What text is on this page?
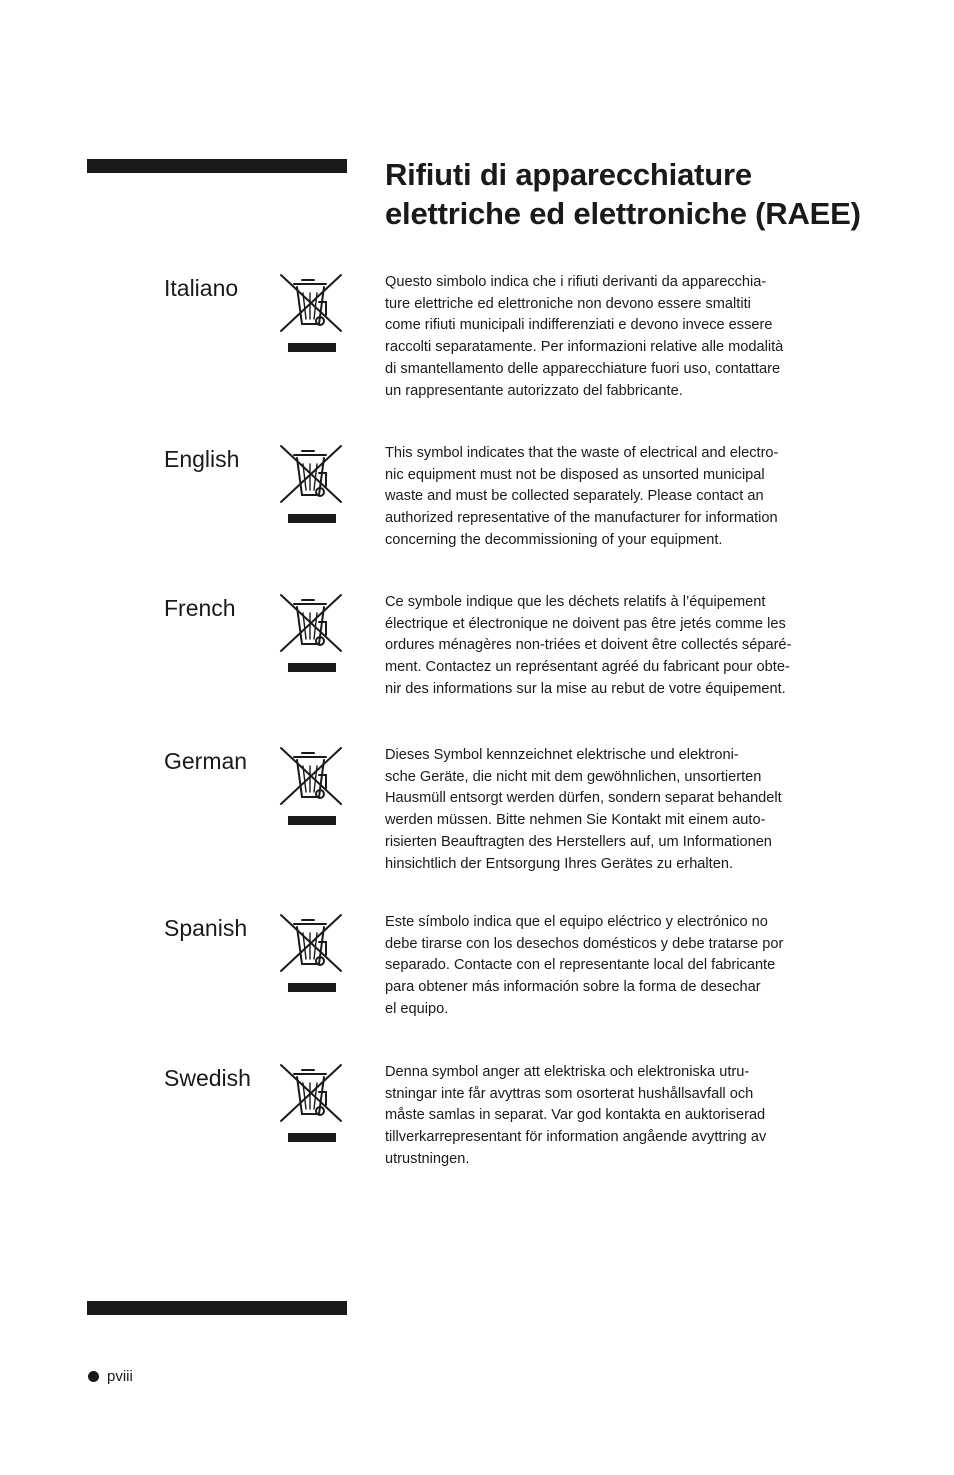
Rifiuti di apparecchiature
elettriche ed elettroniche (RAEE)
Italiano	Questo simbolo indica che i rifiuti derivanti da apparecchia-
ture elettriche ed elettroniche non devono essere smaltiti
come rifiuti municipali indifferenziati e devono invece essere
raccolti separatamente. Per informazioni relative alle modalità
di smantellamento delle apparecchiature fuori uso, contattare
un rappresentante autorizzato del fabbricante.

English	This symbol indicates that the waste of electrical and electro-
nic equipment must not be disposed as unsorted municipal
waste and must be collected separately. Please contact an
authorized representative of the manufacturer for information
concerning the decommissioning of your equipment.

French	Ce symbole indique que les déchets relatifs à l’équipement
électrique et électronique ne doivent pas être jetés comme les
ordures ménagères non-triées et doivent être collectés séparé-
ment. Contactez un représentant agréé du fabricant pour obte-
nir des informations sur la mise au rebut de votre équipement.

German	Dieses Symbol kennzeichnet elektrische und elektroni-
sche Geräte, die nicht mit dem gewöhnlichen, unsortierten
Hausmüll entsorgt werden dürfen, sondern separat behandelt
werden müssen. Bitte nehmen Sie Kontakt mit einem auto-
risierten Beauftragten des Herstellers auf, um Informationen
hinsichtlich der Entsorgung Ihres Gerätes zu erhalten.

Spanish	Este símbolo indica que el equipo eléctrico y electrónico no
debe tirarse con los desechos domésticos y debe tratarse por
separado. Contacte con el representante local del fabricante
para obtener más información sobre la forma de desechar
el equipo.

Swedish	Denna symbol anger att elektriska och elektroniska utru-
stningar inte får avyttras som osorterat hushållsavfall och
måste samlas in separat. Var god kontakta en auktoriserad
tillverkarrepresentant för information angående avyttring av
utrustningen.

pviii
